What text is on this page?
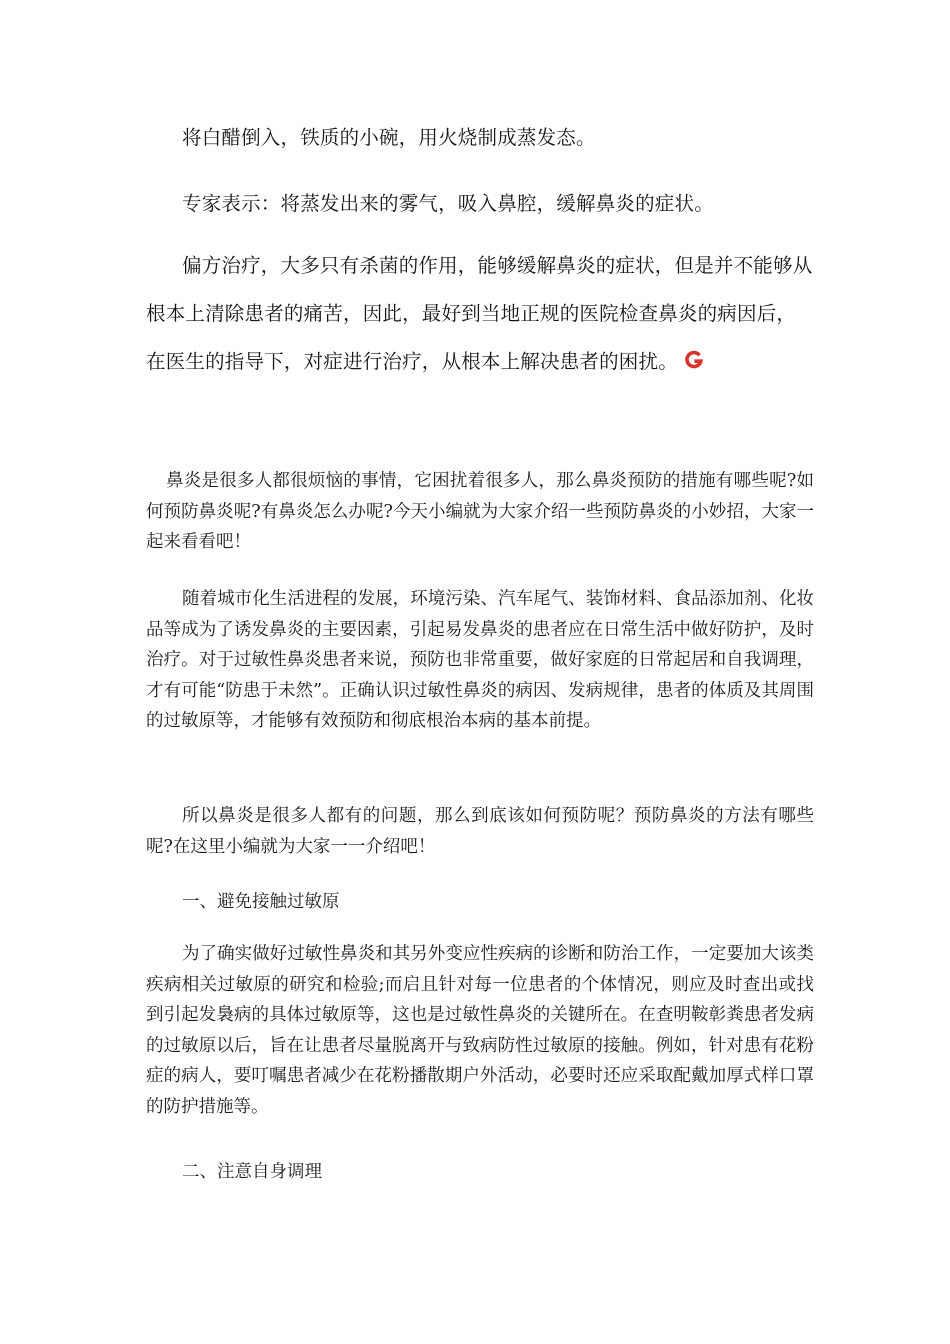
将白醋倒入，铁质的小碗，用火烧制成蒸发态。

专家表示：将蒸发出来的雾气，吸入鼻腔，缓解鼻炎的症状。

偏方治疗，大多只有杀菌的作用，能够缓解鼻炎的症状，但是并不能够从根本上清除患者的痛苦，因此，最好到当地正规的医院检查鼻炎的病因后，在医生的指导下，对症进行治疗，从根本上解决患者的困扰。

鼻炎是很多人都很烦恼的事情，它困扰着很多人，那么鼻炎预防的措施有哪些呢?如何预防鼻炎呢?有鼻炎怎么办呢?今天小编就为大家介绍一些预防鼻炎的小妙招，大家一起来看看吧！

随着城市化生活进程的发展，环境污染、汽车尾气、装饰材料、食品添加剂、化妆品等成为了诱发鼻炎的主要因素，引起易发鼻炎的患者应在日常生活中做好防护，及时治疗。对于过敏性鼻炎患者来说，预防也非常重要，做好家庭的日常起居和自我调理，才有可能“防患于未然”。正确认识过敏性鼻炎的病因、发病规律，患者的体质及其周围的过敏原等，才能够有效预防和彻底根治本病的基本前提。

所以鼻炎是很多人都有的问题，那么到底该如何预防呢？预防鼻炎的方法有哪些呢?在这里小编就为大家一一介绍吧！

一、避免接触过敏原

为了确实做好过敏性鼻炎和其另外变应性疾病的诊断和防治工作，一定要加大该类疾病相关过敏原的研究和检验;而启且针对每一位患者的个体情况，则应及时查出或找到引起发裊病的具体过敏原等，这也是过敏性鼻炎的关键所在。在查明鞍彰粪患者发病的过敏原以后，旨在让患者尽量脱离开与致病防性过敏原的接触。例如，针对患有花粉症的病人，要叮嘱患者减少在花粉播散期户外活动，必要时还应采取配戴加厚式样口罩的防护措施等。

二、注意自身调理
